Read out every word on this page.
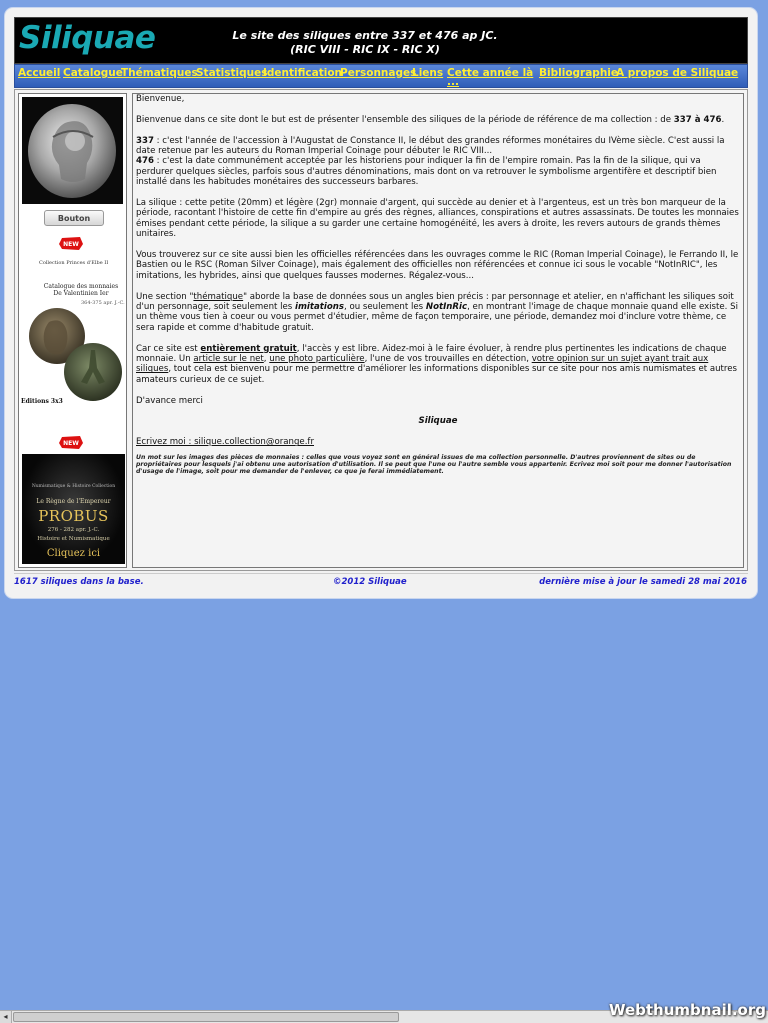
Siliquae	Le site des siliques entre 337 et 476 ap JC.
(RIC VIII - RIC IX - RIC X)
Accueil Catalogue
Thématiques
Statistiques
Identification
Personnages
Liens Cette année là
...
Bibliographie
A propos de Siliquae
Bouton
NEW
Collection Princes d'Elbe II
Catalogue des monnaies De Valentinien Ier
364-375 apr. J.-C.
Editions 3x3
NEW
Numismatique & Histoire Collection
Le Règne de l'Empereur
PROBUS
276 - 282 apr. J.-C.
Histoire et Numismatique
Cliquez ici

Bienvenue,

Bienvenue dans ce site dont le but est de présenter l'ensemble des siliques de la période de référence de ma collection : de 337 à 476.

337 : c'est l'année de l'accession à l'Augustat de Constance II, le début des grandes réformes monétaires du IVème siècle. C'est aussi la date retenue par les auteurs du Roman Imperial Coinage pour débuter le RIC VIII...
476 : c'est la date communément acceptée par les historiens pour indiquer la fin de l'empire romain. Pas la fin de la silique, qui va perdurer quelques siècles, parfois sous d'autres dénominations, mais dont on va retrouver le symbolisme argentifère et descriptif bien installé dans les habitudes monétaires des successeurs barbares.

La silique : cette petite (20mm) et légère (2gr) monnaie d'argent, qui succède au denier et à l'argenteus, est un très bon marqueur de la période, racontant l'histoire de cette fin d'empire au grés des règnes, alliances, conspirations et autres assassinats. De toutes les monnaies émises pendant cette période, la silique a su garder une certaine homogénéité, les avers à droite, les revers autours de grands thèmes unitaires.

Vous trouverez sur ce site aussi bien les officielles référencées dans les ouvrages comme le RIC (Roman Imperial Coinage), le Ferrando II, le Bastien ou le RSC (Roman Silver Coinage), mais également des officielles non référencées et connue ici sous le vocable "NotInRIC", les imitations, les hybrides, ainsi que quelques fausses modernes. Régalez-vous...

Une section "thématique" aborde la base de données sous un angles bien précis : par personnage et atelier, en n'affichant les siliques soit d'un personnage, soit seulement les imitations, ou seulement les NotInRic, en montrant l'image de chaque monnaie quand elle existe. Si un thème vous tien à coeur ou vous permet d'étudier, même de façon temporaire, une période, demandez moi d'inclure votre thème, ce sera rapide et comme d'habitude gratuit.

Car ce site est entièrement gratuit, l'accès y est libre. Aidez-moi à le faire évoluer, à rendre plus pertinentes les indications de chaque monnaie. Un article sur le net, une photo particulière, l'une de vos trouvailles en détection, votre opinion sur un sujet ayant trait aux siliques, tout cela est bienvenu pour me permettre d'améliorer les informations disponibles sur ce site pour nos amis numismates et autres amateurs curieux de ce sujet.

D'avance merci

Siliquae

Ecrivez moi : silique.collection@orange.fr

Un mot sur les images des pièces de monnaies : celles que vous voyez sont en général issues de ma collection personnelle. D'autres proviennent de sites ou de propriétaires pour lesquels j'ai obtenu une autorisation d'utilisation. Il se peut que l'une ou l'autre semble vous appartenir. Ecrivez moi soit pour me donner l'autorisation d'usage de l'image, soit pour me demander de l'enlever, ce que je ferai immédiatement.

1617 siliques dans la base.	©2012 Siliquae	dernière mise à jour le samedi 28 mai 2016
◂	Webthumbnail.org
